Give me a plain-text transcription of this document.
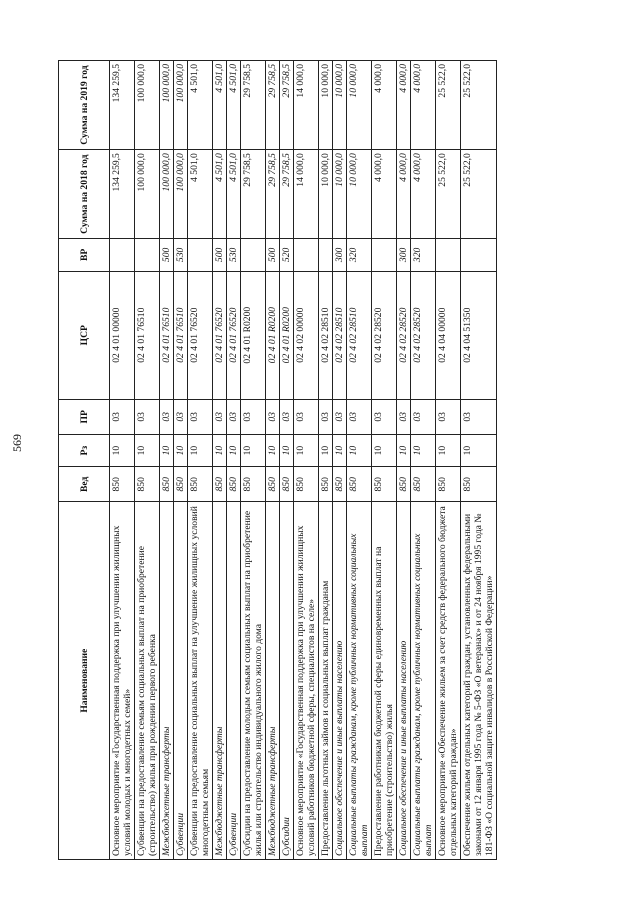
569
Наименование	Вед	Рз	ПР	ЦСР	ВР	Сумма на 2018 год	Сумма на 2019 год
Основное мероприятие «Государственная поддержка при улучшении жилищных условий молодых и многодетных семей»	850	10	03	02 4 01 00000		134 259,5	134 259,5
Субвенции на предоставление семьям социальных выплат на приобретение (строительство) жилья при рождении первого ребенка	850	10	03	02 4 01 76510		100 000,0	100 000,0
Межбюджетные трансферты	850	10	03	02 4 01 76510	500	100 000,0	100 000,0
Субвенции	850	10	03	02 4 01 76510	530	100 000,0	100 000,0
Субвенции на предоставление социальных выплат на улучшение жилищных условий многодетным семьям	850	10	03	02 4 01 76520		4 501,0	4 501,0
Межбюджетные трансферты	850	10	03	02 4 01 76520	500	4 501,0	4 501,0
Субвенции	850	10	03	02 4 01 76520	530	4 501,0	4 501,0
Субсидии на предоставление молодым семьям социальных выплат на приобретение жилья или строительство индивидуального жилого дома	850	10	03	02 4 01 R0200		29 758,5	29 758,5
Межбюджетные трансферты	850	10	03	02 4 01 R0200	500	29 758,5	29 758,5
Субсидии	850	10	03	02 4 01 R0200	520	29 758,5	29 758,5
Основное мероприятие «Государственная поддержка при улучшении жилищных условий работников бюджетной сферы, специалистов на селе»	850	10	03	02 4 02 00000		14 000,0	14 000,0
Предоставление льготных займов и социальных выплат гражданам	850	10	03	02 4 02 28510		10 000,0	10 000,0
Социальное обеспечение и иные выплаты населению	850	10	03	02 4 02 28510	300	10 000,0	10 000,0
Социальные выплаты гражданам, кроме публичных нормативных социальных выплат	850	10	03	02 4 02 28510	320	10 000,0	10 000,0
Предоставление работникам бюджетной сферы единовременных выплат на приобретение (строительство) жилья	850	10	03	02 4 02 28520		4 000,0	4 000,0
Социальное обеспечение и иные выплаты населению	850	10	03	02 4 02 28520	300	4 000,0	4 000,0
Социальные выплаты гражданам, кроме публичных нормативных социальных выплат	850	10	03	02 4 02 28520	320	4 000,0	4 000,0
Основное мероприятие «Обеспечение жильем за счет средств федерального бюджета отдельных категорий граждан»	850	10	03	02 4 04 00000		25 522,0	25 522,0
Обеспечение жильем отдельных категорий граждан, установленных федеральными законами от 12 января 1995 года № 5-ФЗ «О ветеранах» и от 24 ноября 1995 года № 181-ФЗ «О социальной защите инвалидов в Российской Федерации»	850	10	03	02 4 04 51350		25 522,0	25 522,0
